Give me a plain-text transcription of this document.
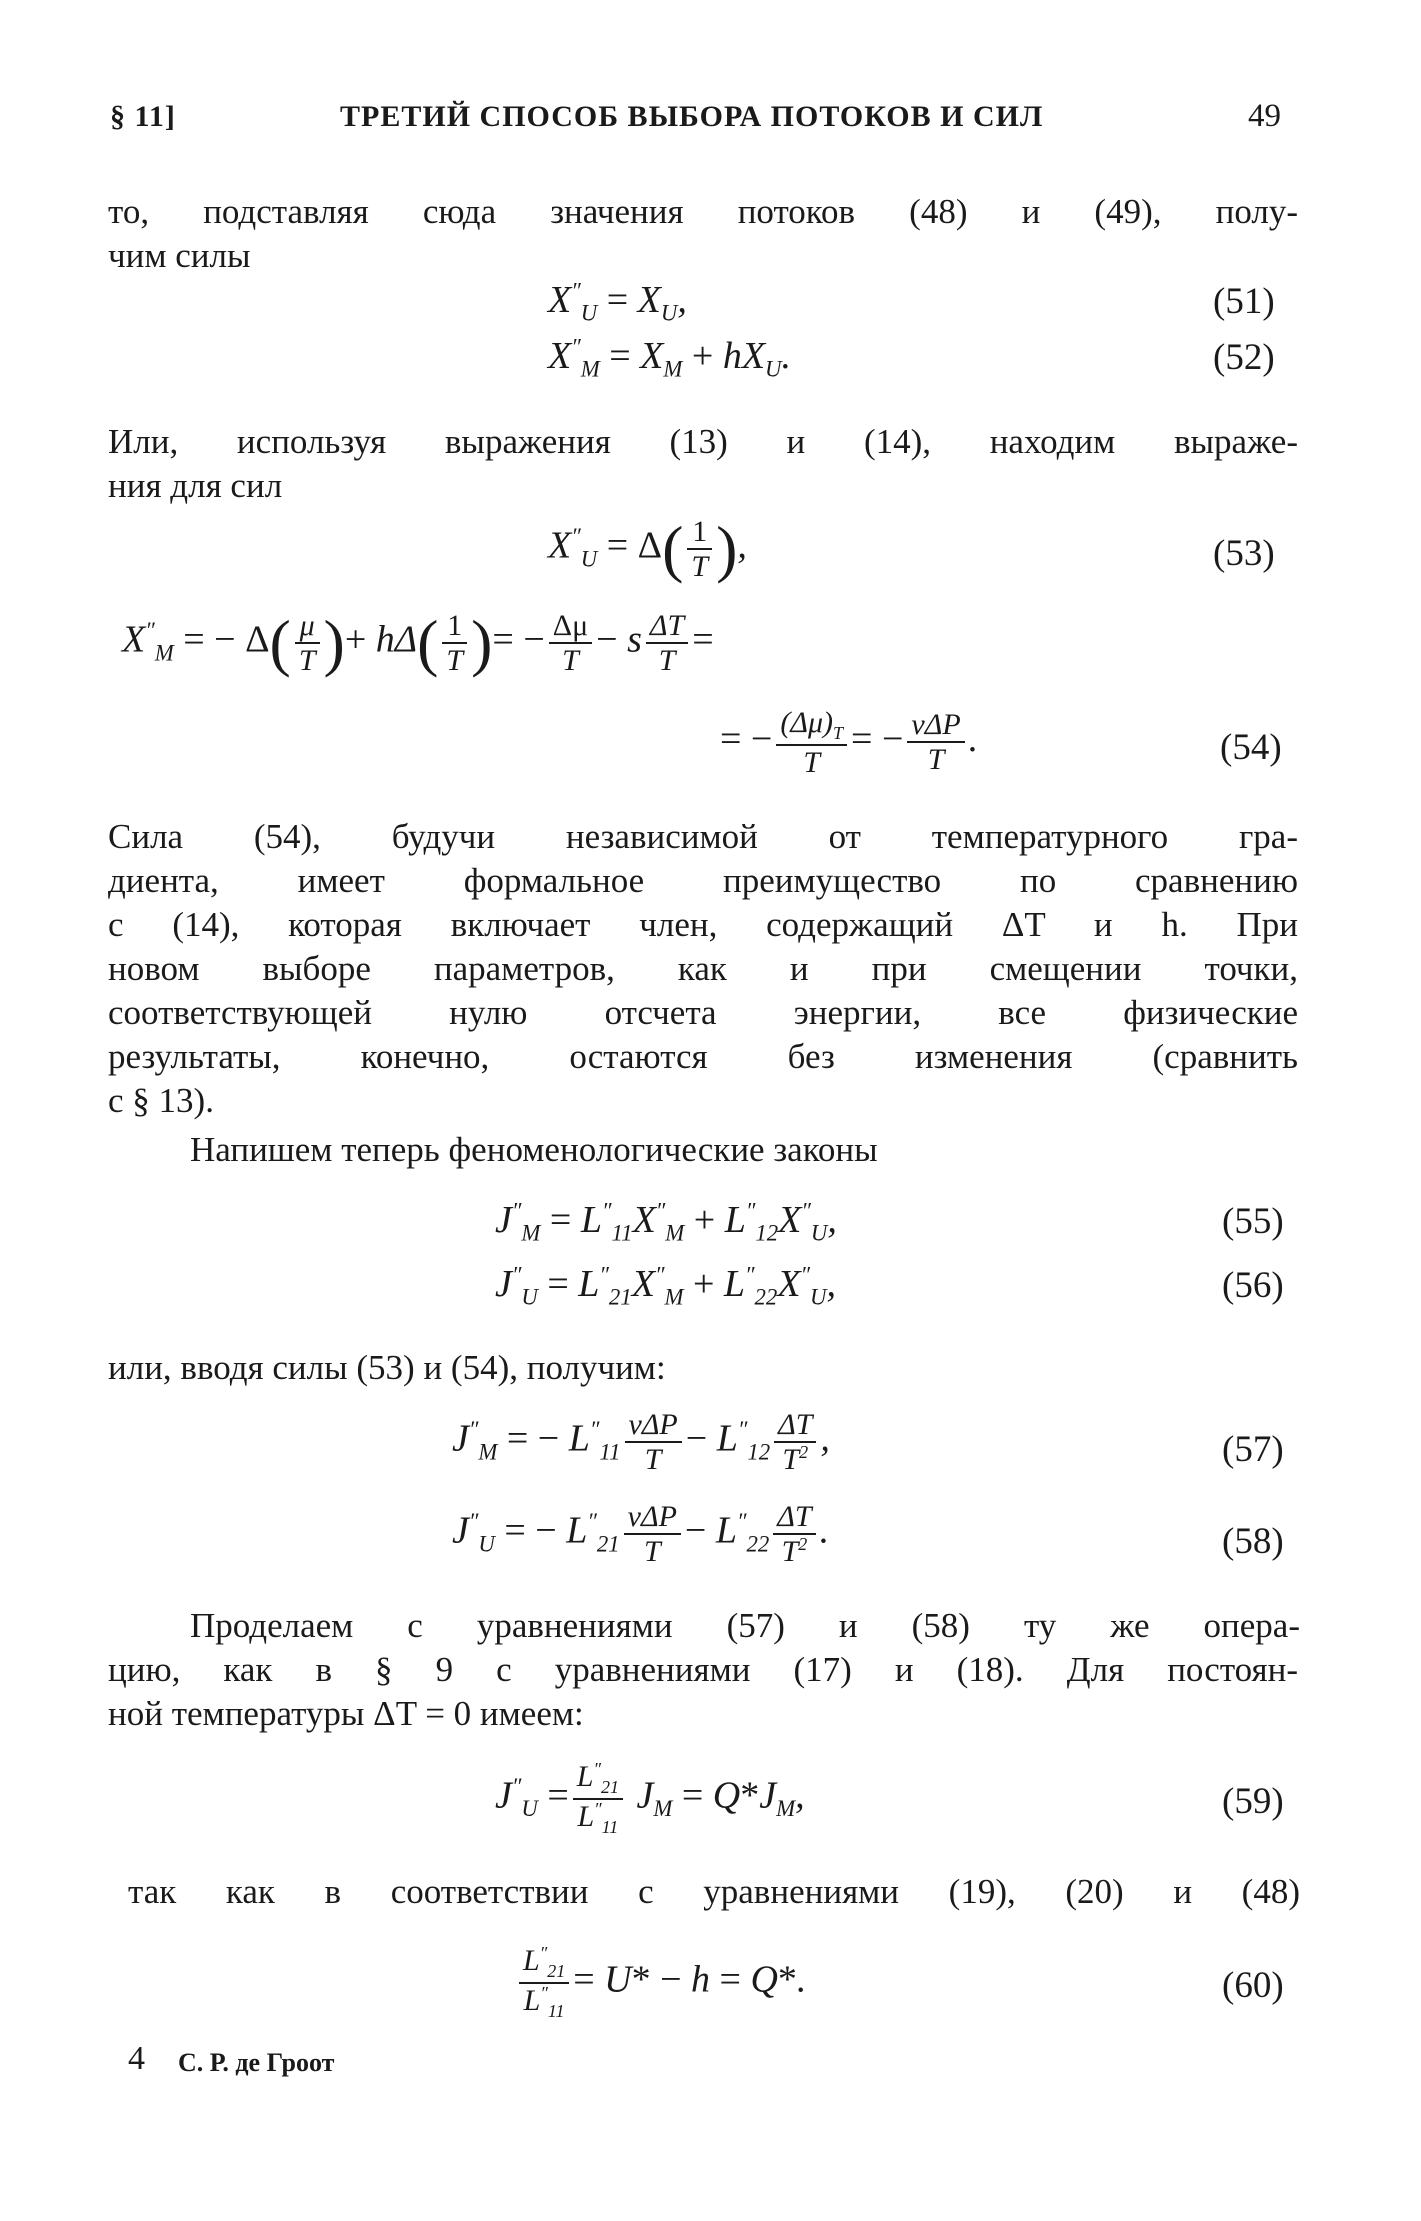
§ 11]	ТРЕТИЙ СПОСОБ ВЫБОРА ПОТОКОВ И СИЛ	49
то, подставляя сюда значения потоков (48) и (49), полу-
чим силы
$X''_U = X_U$,	(51)
$X''_M = X_M + hX_U$.	(52)
Или, используя выражения (13) и (14), находим выраже-
ния для сил
$X''_U = \Delta( \frac{1}{T}$ ),	(53)
$X''_M$ = − $\Delta( \frac{\mu}{T}$ )+ $h\Delta( \frac{1}{T}$ )= − $\frac{\Delta\mu}{T} - s \frac{\Delta T}{T}$ =
= − $\frac{(\Delta\mu)_T}{T}$ = − $\frac{\text{vΔP}}{T}$ .	(54)
Сила (54), будучи независимой от температурного гра-
диента, имеет формальное преимущество по сравнению
с (14), которая включает член, содержащий ΔT и h. При
новом выборе параметров, как и при смещении точки,
соответствующей нулю отсчета энергии, все физические
результаты, конечно, остаются без изменения (сравнить
с § 13).
Напишем теперь феноменологические законы
$J''_M = L''_{11}X''_M + L''_{12}X''_U$,	(55)
$J''_U = L''_{21}X''_M + L''_{22}X''_U$,	(56)
или, вводя силы (53) и (54), получим:
$J''_M$ = − $L''_{11} \frac{\text{vΔP}}{T} - L''_{12} \frac{\Delta T}{T^2}$ ,	(57)
$J''_U$ = − $L''_{21} \frac{\text{vΔP}}{T} - L''_{22} \frac{\Delta T}{T^2}$ .	(58)
Проделаем с уравнениями (57) и (58) ту же опера-
цию, как в § 9 с уравнениями (17) и (18). Для постоян-
ной температуры ΔT = 0 имеем:
$J''_U = \frac{L''_{21}}{L''_{11}} J_M = Q*J_M$,	(59)
так как в соответствии с уравнениями (19), (20) и (48)
$\frac{L''_{21}}{L''_{11}} = U* - h = Q*$.	(60)
4 С. Р. де Гроот
